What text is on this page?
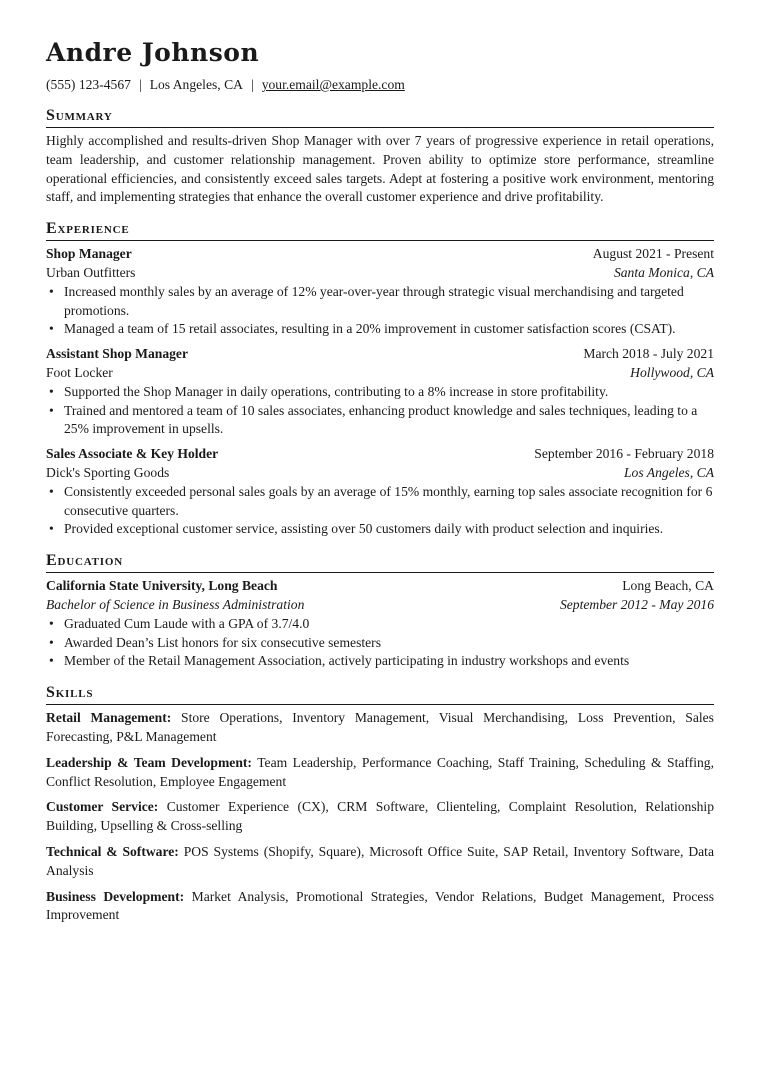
Andre Johnson
(555) 123-4567 | Los Angeles, CA | your.email@example.com
Summary
Highly accomplished and results-driven Shop Manager with over 7 years of progressive experience in retail operations, team leadership, and customer relationship management. Proven ability to optimize store performance, streamline operational efficiencies, and consistently exceed sales targets. Adept at fostering a positive work environment, mentoring staff, and implementing strategies that enhance the overall customer experience and drive profitability.
Experience
Shop Manager	August 2021 - Present
Urban Outfitters	Santa Monica, CA
• Increased monthly sales by an average of 12% year-over-year through strategic visual merchandising and targeted promotions.
• Managed a team of 15 retail associates, resulting in a 20% improvement in customer satisfaction scores (CSAT).
Assistant Shop Manager	March 2018 - July 2021
Foot Locker	Hollywood, CA
• Supported the Shop Manager in daily operations, contributing to a 8% increase in store profitability.
• Trained and mentored a team of 10 sales associates, enhancing product knowledge and sales techniques, leading to a 25% improvement in upsells.
Sales Associate & Key Holder	September 2016 - February 2018
Dick's Sporting Goods	Los Angeles, CA
• Consistently exceeded personal sales goals by an average of 15% monthly, earning top sales associate recognition for 6 consecutive quarters.
• Provided exceptional customer service, assisting over 50 customers daily with product selection and inquiries.
Education
California State University, Long Beach	Long Beach, CA
Bachelor of Science in Business Administration	September 2012 - May 2016
• Graduated Cum Laude with a GPA of 3.7/4.0
• Awarded Dean’s List honors for six consecutive semesters
• Member of the Retail Management Association, actively participating in industry workshops and events
Skills
Retail Management: Store Operations, Inventory Management, Visual Merchandising, Loss Prevention, Sales Forecasting, P&L Management
Leadership & Team Development: Team Leadership, Performance Coaching, Staff Training, Scheduling & Staffing, Conflict Resolution, Employee Engagement
Customer Service: Customer Experience (CX), CRM Software, Clienteling, Complaint Resolution, Relationship Building, Upselling & Cross-selling
Technical & Software: POS Systems (Shopify, Square), Microsoft Office Suite, SAP Retail, Inventory Software, Data Analysis
Business Development: Market Analysis, Promotional Strategies, Vendor Relations, Budget Management, Process Improvement
